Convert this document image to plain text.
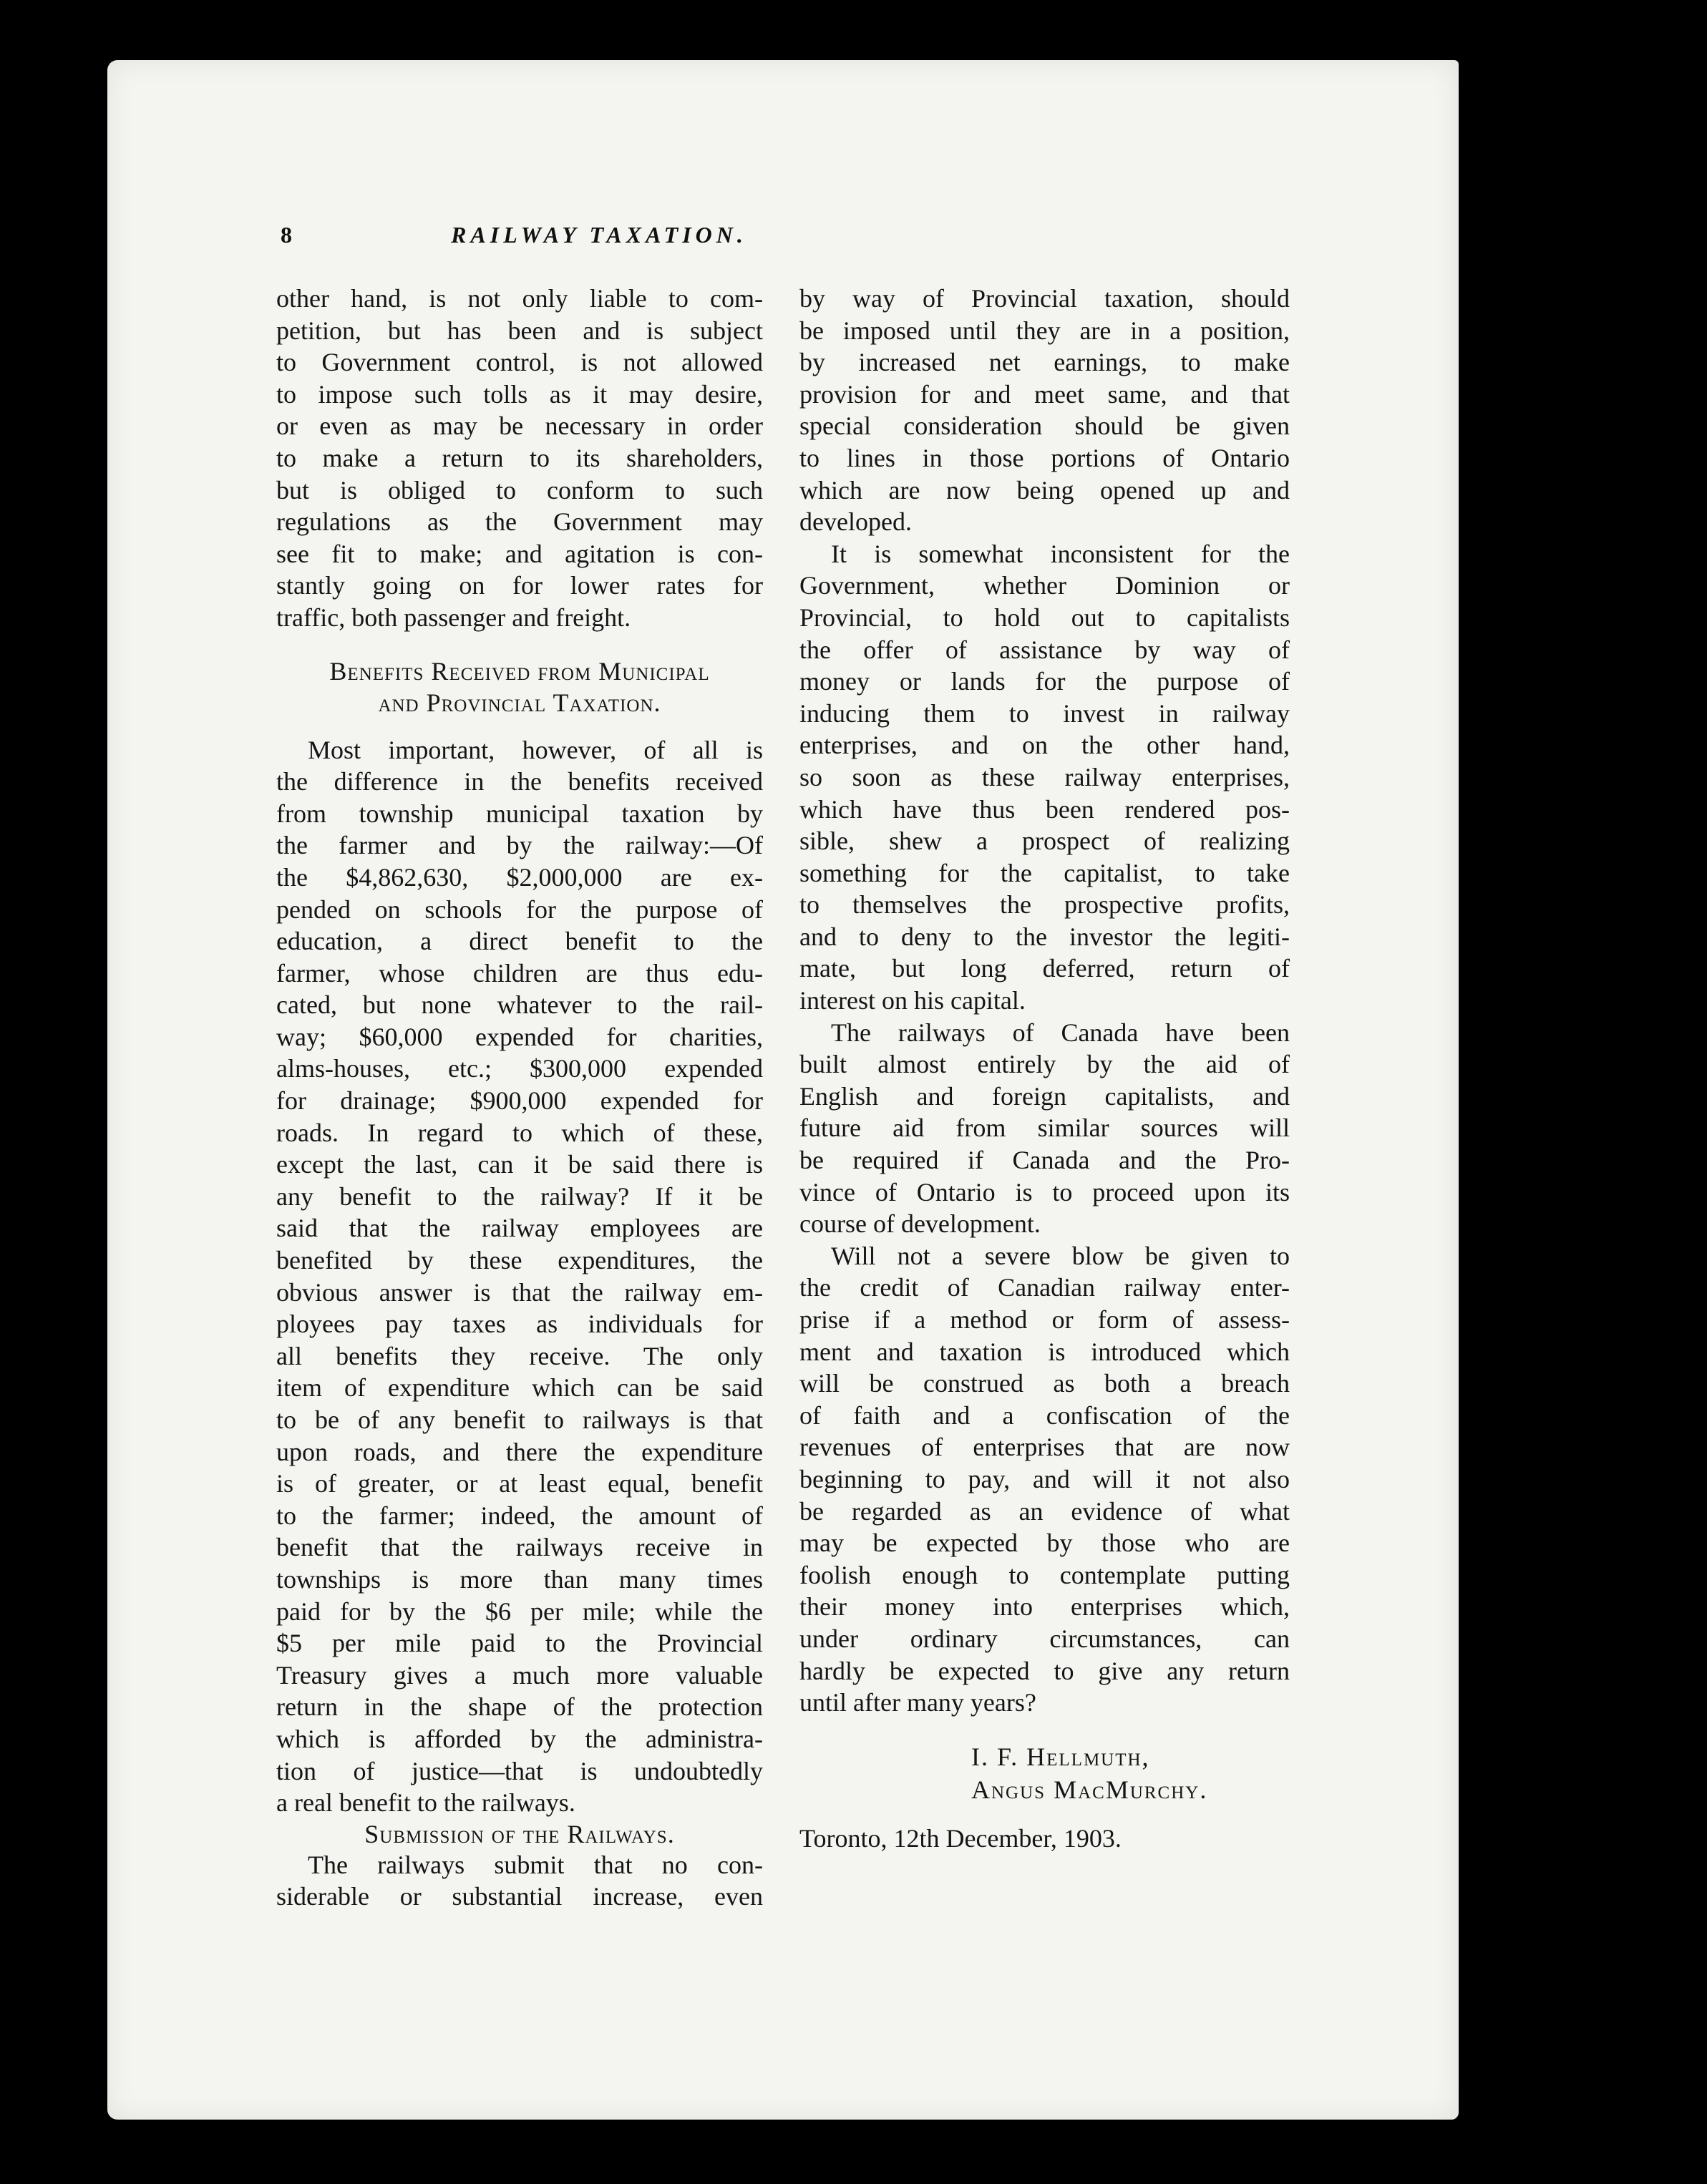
8	RAILWAY TAXATION.
other hand, is not only liable to com-
petition, but has been and is subject
to Government control, is not allowed
to impose such tolls as it may desire,
or even as may be necessary in order
to make a return to its shareholders,
but is obliged to conform to such
regulations as the Government may
see fit to make; and agitation is con-
stantly going on for lower rates for
traffic, both passenger and freight.
Benefits Received from Municipal
and Provincial Taxation.
Most important, however, of all is
the difference in the benefits received
from township municipal taxation by
the farmer and by the railway:—Of
the $4,862,630, $2,000,000 are ex-
pended on schools for the purpose of
education, a direct benefit to the
farmer, whose children are thus edu-
cated, but none whatever to the rail-
way; $60,000 expended for charities,
alms-houses, etc.; $300,000 expended
for drainage; $900,000 expended for
roads. In regard to which of these,
except the last, can it be said there is
any benefit to the railway? If it be
said that the railway employees are
benefited by these expenditures, the
obvious answer is that the railway em-
ployees pay taxes as individuals for
all benefits they receive. The only
item of expenditure which can be said
to be of any benefit to railways is that
upon roads, and there the expenditure
is of greater, or at least equal, benefit
to the farmer; indeed, the amount of
benefit that the railways receive in
townships is more than many times
paid for by the $6 per mile; while the
$5 per mile paid to the Provincial
Treasury gives a much more valuable
return in the shape of the protection
which is afforded by the administra-
tion of justice—that is undoubtedly
a real benefit to the railways.
Submission of the Railways.
The railways submit that no con-
siderable or substantial increase, even
by way of Provincial taxation, should
be imposed until they are in a position,
by increased net earnings, to make
provision for and meet same, and that
special consideration should be given
to lines in those portions of Ontario
which are now being opened up and
developed.
It is somewhat inconsistent for the
Government, whether Dominion or
Provincial, to hold out to capitalists
the offer of assistance by way of
money or lands for the purpose of
inducing them to invest in railway
enterprises, and on the other hand,
so soon as these railway enterprises,
which have thus been rendered pos-
sible, shew a prospect of realizing
something for the capitalist, to take
to themselves the prospective profits,
and to deny to the investor the legiti-
mate, but long deferred, return of
interest on his capital.
The railways of Canada have been
built almost entirely by the aid of
English and foreign capitalists, and
future aid from similar sources will
be required if Canada and the Pro-
vince of Ontario is to proceed upon its
course of development.
Will not a severe blow be given to
the credit of Canadian railway enter-
prise if a method or form of assess-
ment and taxation is introduced which
will be construed as both a breach
of faith and a confiscation of the
revenues of enterprises that are now
beginning to pay, and will it not also
be regarded as an evidence of what
may be expected by those who are
foolish enough to contemplate putting
their money into enterprises which,
under ordinary circumstances, can
hardly be expected to give any return
until after many years?
I. F. Hellmuth,
Angus MacMurchy.
Toronto, 12th December, 1903.
